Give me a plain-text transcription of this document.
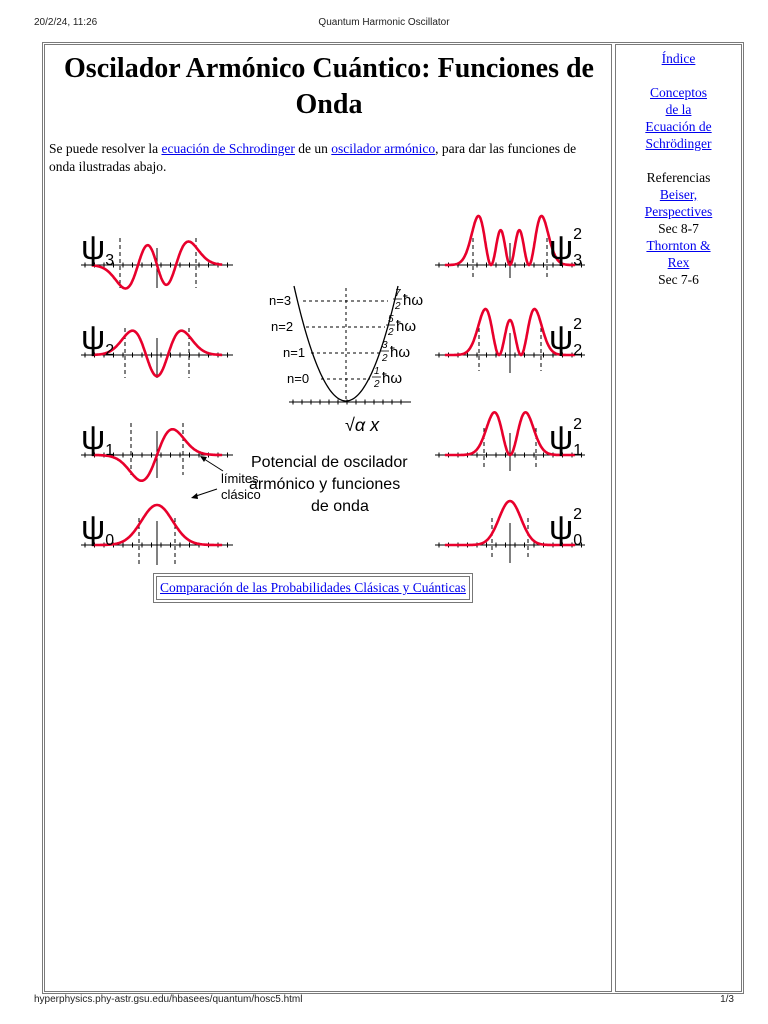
20/2/24, 11:26	Quantum Harmonic Oscillator
Oscilador Armónico Cuántico: Funciones de Onda

Se puede resolver la ecuación de Schrodinger de un oscilador armónico, para dar las funciones de onda ilustradas abajo.

ψ3
ψ2
ψ1
ψ0
ψ32
ψ22
ψ12
ψ02
n=3
n=2
n=1
n=0
7
2 ħω
5
2 ħω
3
2 ħω
1
2 ħω
√α x
Potencial de oscilador
armónico y funciones
de onda
límites
clásico
Comparación de las Probabilidades Clásicas y Cuánticas
Índice
Conceptos
de la
Ecuación de
Schrödinger
Referencias
Beiser,
Perspectives
Sec 8-7
Thornton &
Rex
Sec 7-6
hyperphysics.phy-astr.gsu.edu/hbasees/quantum/hosc5.html	1/3
